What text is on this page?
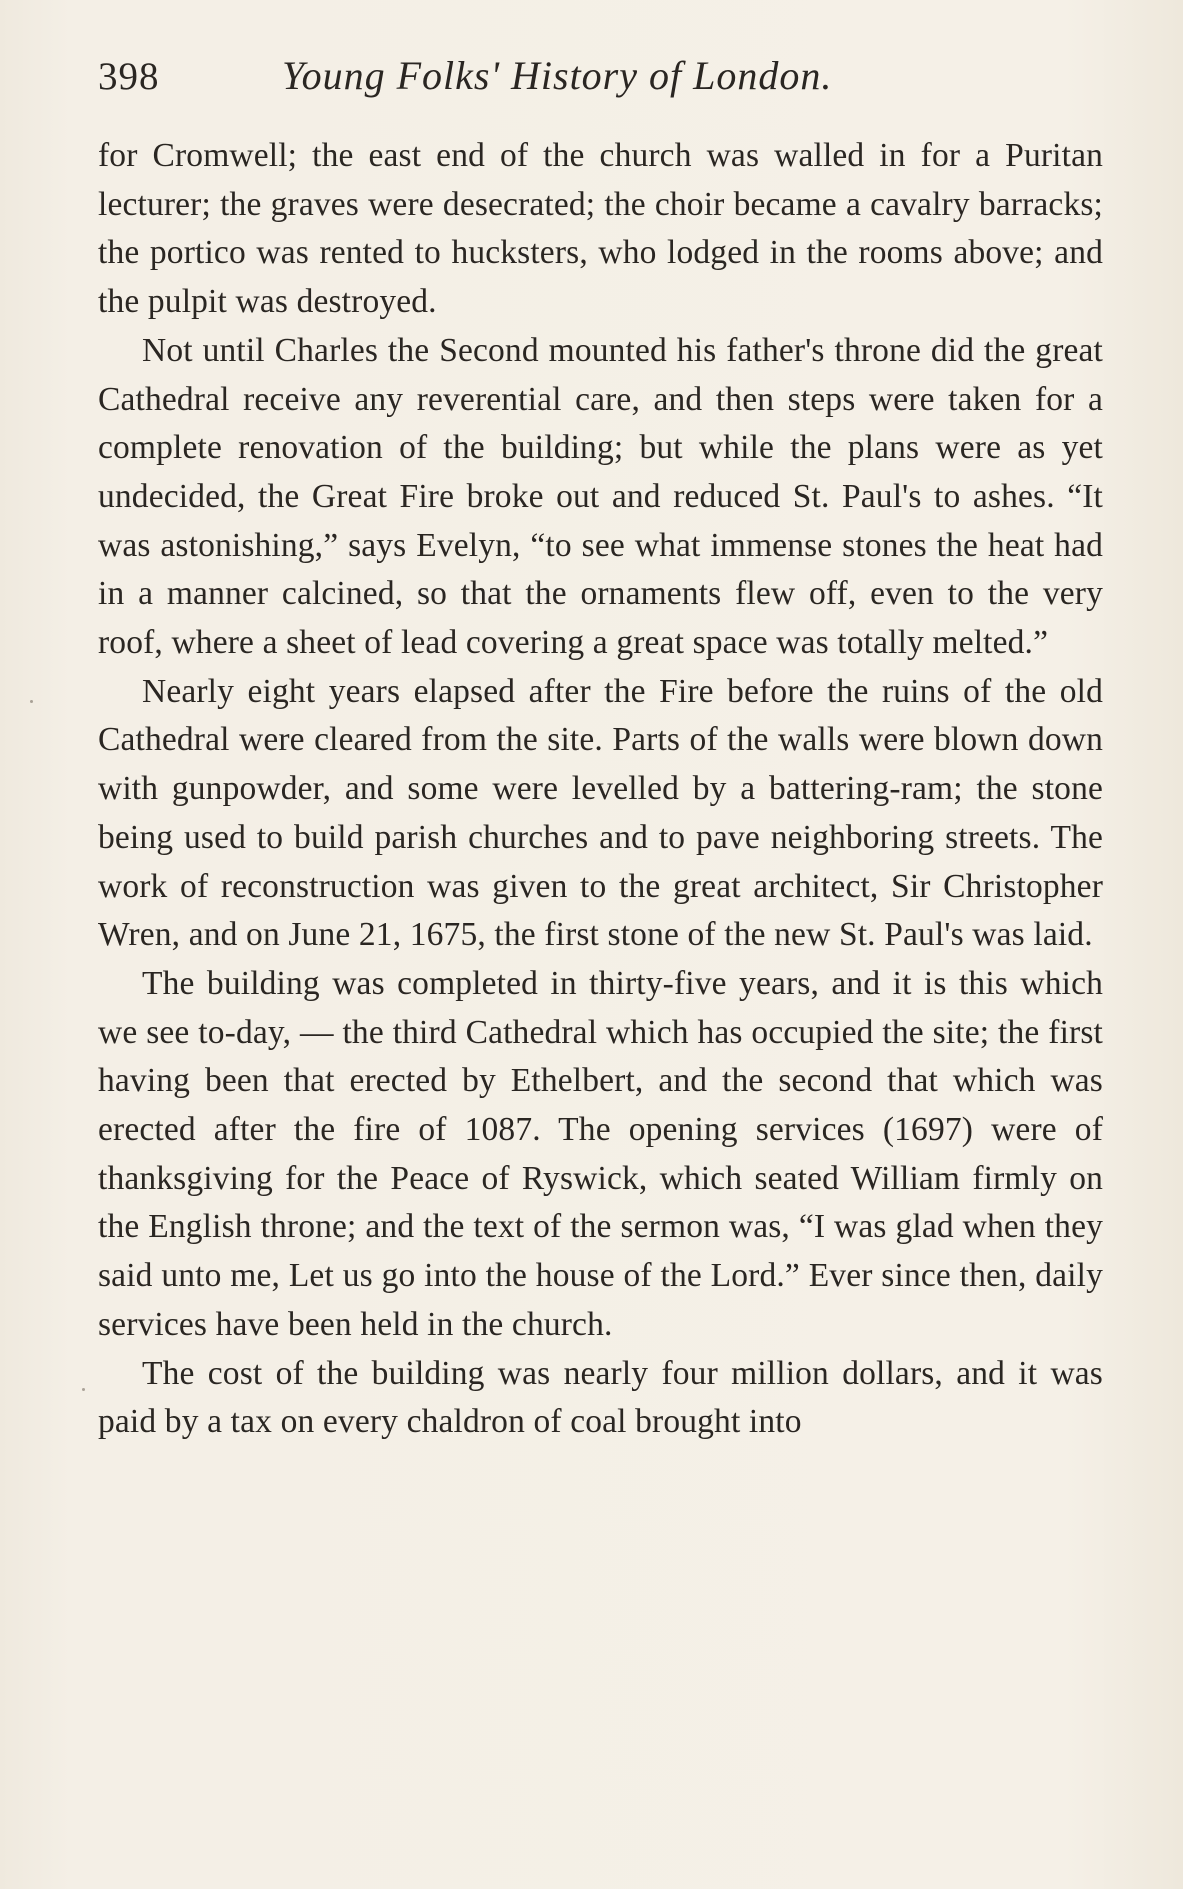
398	Young Folks' History of London.

for Cromwell; the east end of the church was walled in for a Puritan lecturer; the graves were desecrated; the choir became a cavalry barracks; the portico was rented to hucksters, who lodged in the rooms above; and the pulpit was destroyed.

Not until Charles the Second mounted his father's throne did the great Cathedral receive any reverential care, and then steps were taken for a complete renovation of the building; but while the plans were as yet undecided, the Great Fire broke out and reduced St. Paul's to ashes. “It was astonishing,” says Evelyn, “to see what immense stones the heat had in a manner calcined, so that the ornaments flew off, even to the very roof, where a sheet of lead covering a great space was totally melted.”

Nearly eight years elapsed after the Fire before the ruins of the old Cathedral were cleared from the site. Parts of the walls were blown down with gunpowder, and some were levelled by a battering-ram; the stone being used to build parish churches and to pave neighboring streets. The work of reconstruction was given to the great architect, Sir Christopher Wren, and on June 21, 1675, the first stone of the new St. Paul's was laid.

The building was completed in thirty-five years, and it is this which we see to-day, — the third Cathedral which has occupied the site; the first having been that erected by Ethelbert, and the second that which was erected after the fire of 1087. The opening services (1697) were of thanksgiving for the Peace of Ryswick, which seated William firmly on the English throne; and the text of the sermon was, “I was glad when they said unto me, Let us go into the house of the Lord.” Ever since then, daily services have been held in the church.

The cost of the building was nearly four million dollars, and it was paid by a tax on every chaldron of coal brought into
